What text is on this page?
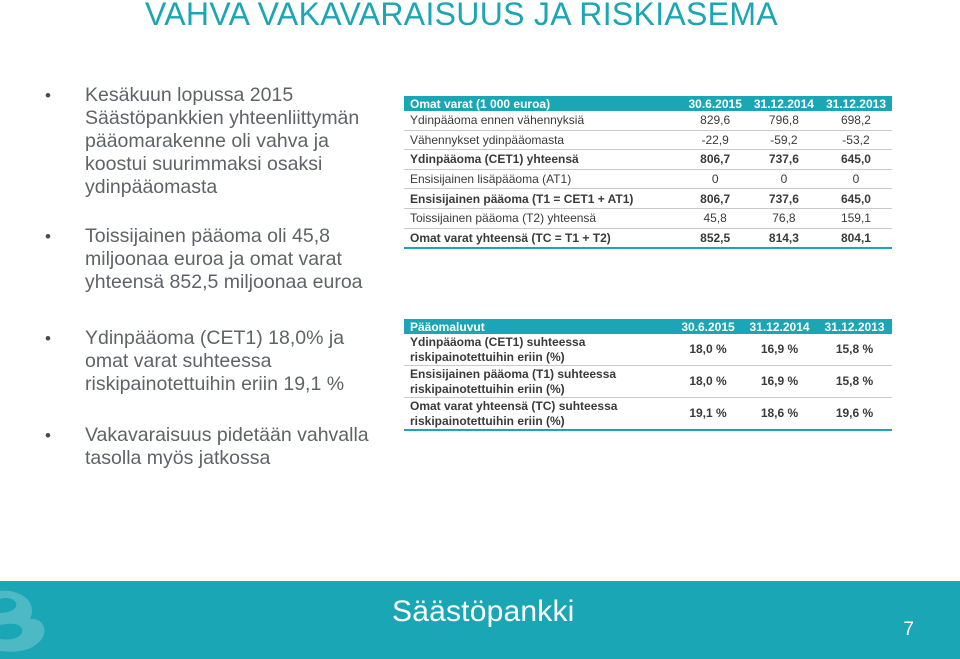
VAHVA VAKAVARAISUUS JA RISKIASEMA
• Kesäkuun lopussa 2015 Säästöpankkien yhteenliittymän pääomarakenne oli vahva ja koostui suurimmaksi osaksi ydinpääomasta
• Toissijainen pääoma oli 45,8 miljoonaa euroa ja omat varat yhteensä 852,5 miljoonaa euroa
• Ydinpääoma (CET1) 18,0% ja omat varat suhteessa riskipainotettuihin eriin 19,1 %
• Vakavaraisuus pidetään vahvalla tasolla myös jatkossa
Omat varat (1 000 euroa)	30.6.2015	31.12.2014	31.12.2013
Ydinpääoma ennen vähennyksiä	829,6	796,8	698,2
Vähennykset ydinpääomasta	-22,9	-59,2	-53,2
Ydinpääoma (CET1) yhteensä	806,7	737,6	645,0
Ensisijainen lisäpääoma (AT1)	0	0	0
Ensisijainen pääoma (T1 = CET1 + AT1)	806,7	737,6	645,0
Toissijainen pääoma (T2) yhteensä	45,8	76,8	159,1
Omat varat yhteensä (TC = T1 + T2)	852,5	814,3	804,1
Pääomaluvut	30.6.2015	31.12.2014	31.12.2013
Ydinpääoma (CET1) suhteessa riskipainotettuihin eriin (%)	18,0 %	16,9 %	15,8 %
Ensisijainen pääoma (T1) suhteessa riskipainotettuihin eriin (%)	18,0 %	16,9 %	15,8 %
Omat varat yhteensä (TC) suhteessa riskipainotettuihin eriin (%)	19,1 %	18,6 %	19,6 %
Säästöpankki
7
